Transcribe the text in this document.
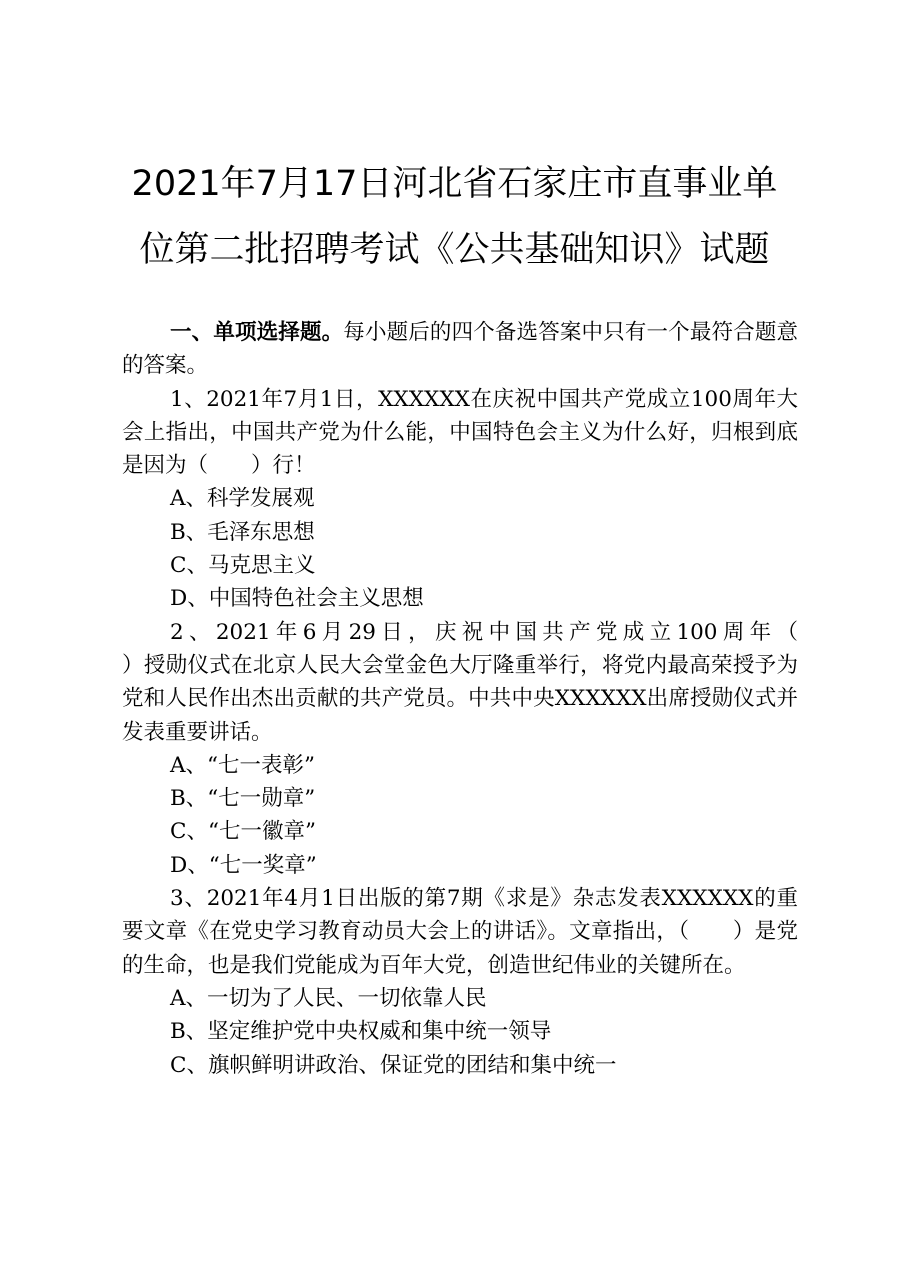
2021年7月17日河北省石家庄市直事业单
位第二批招聘考试《公共基础知识》试题

一、单项选择题。每小题后的四个备选答案中只有一个最符合题意的答案。

1、2021年7月1日，XXXXXX在庆祝中国共产党成立100周年大会上指出，中国共产党为什么能，中国特色会主义为什么好，归根到底是因为（　　）行！

A、科学发展观

B、毛泽东思想

C、马克思主义

D、中国特色社会主义思想

2、2021年6月29日，庆祝中国共产党成立100周年（

）授勋仪式在北京人民大会堂金色大厅隆重举行，将党内最高荣授予为党和人民作出杰出贡献的共产党员。中共中央XXXXXX出席授勋仪式并发表重要讲话。

A、“七一表彰”

B、“七一勋章”

C、“七一徽章”

D、“七一奖章”

3、2021年4月1日出版的第7期《求是》杂志发表XXXXXX的重要文章《在党史学习教育动员大会上的讲话》。文章指出，（　　）是党的生命，也是我们党能成为百年大党，创造世纪伟业的关键所在。

A、一切为了人民、一切依靠人民

B、坚定维护党中央权威和集中统一领导

C、旗帜鲜明讲政治、保证党的团结和集中统一
